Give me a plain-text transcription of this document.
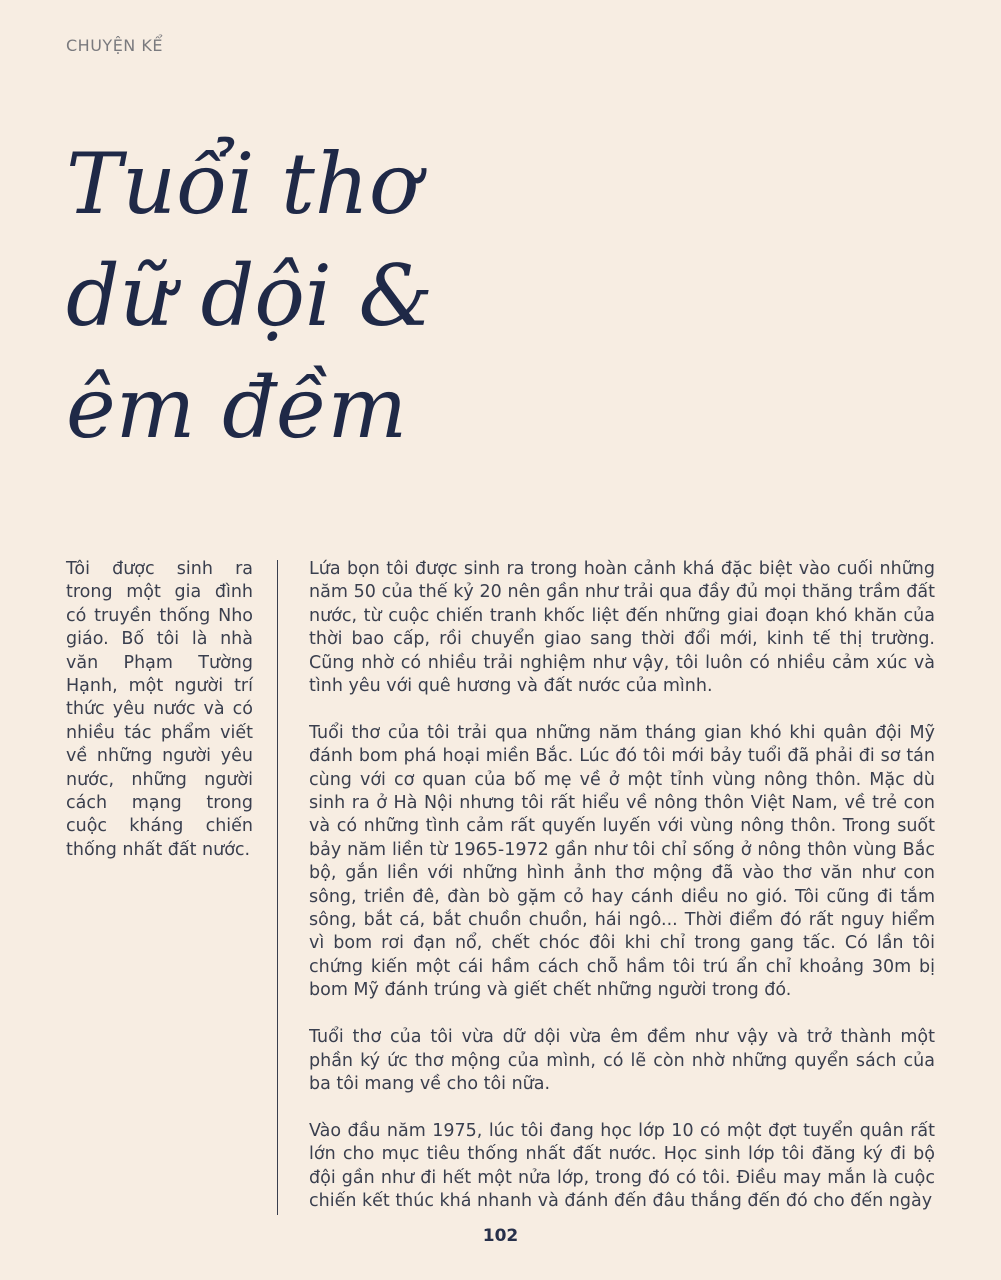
CHUYỆN KỂ
Tuổi thơ
dữ dội &
êm đềm
Tôi được sinh ra trong một gia đình có truyền thống Nho giáo. Bố tôi là nhà văn Phạm Tường Hạnh, một người trí thức yêu nước và có nhiều tác phẩm viết về những người yêu nước, những người cách mạng trong cuộc kháng chiến thống nhất đất nước.

Lứa bọn tôi được sinh ra trong hoàn cảnh khá đặc biệt vào cuối những năm 50 của thế kỷ 20 nên gần như trải qua đầy đủ mọi thăng trầm đất nước, từ cuộc chiến tranh khốc liệt đến những giai đoạn khó khăn của thời bao cấp, rồi chuyển giao sang thời đổi mới, kinh tế thị trường. Cũng nhờ có nhiều trải nghiệm như vậy, tôi luôn có nhiều cảm xúc và tình yêu với quê hương và đất nước của mình.

Tuổi thơ của tôi trải qua những năm tháng gian khó khi quân đội Mỹ đánh bom phá hoại miền Bắc. Lúc đó tôi mới bảy tuổi đã phải đi sơ tán cùng với cơ quan của bố mẹ về ở một tỉnh vùng nông thôn. Mặc dù sinh ra ở Hà Nội nhưng tôi rất hiểu về nông thôn Việt Nam, về trẻ con và có những tình cảm rất quyến luyến với vùng nông thôn. Trong suốt bảy năm liền từ 1965-1972 gần như tôi chỉ sống ở nông thôn vùng Bắc bộ, gắn liền với những hình ảnh thơ mộng đã vào thơ văn như con sông, triền đê, đàn bò gặm cỏ hay cánh diều no gió. Tôi cũng đi tắm sông, bắt cá, bắt chuồn chuồn, hái ngô... Thời điểm đó rất nguy hiểm vì bom rơi đạn nổ, chết chóc đôi khi chỉ trong gang tấc. Có lần tôi chứng kiến một cái hầm cách chỗ hầm tôi trú ẩn chỉ khoảng 30m bị bom Mỹ đánh trúng và giết chết những người trong đó.

Tuổi thơ của tôi vừa dữ dội vừa êm đềm như vậy và trở thành một phần ký ức thơ mộng của mình, có lẽ còn nhờ những quyển sách của ba tôi mang về cho tôi nữa.

Vào đầu năm 1975, lúc tôi đang học lớp 10 có một đợt tuyển quân rất lớn cho mục tiêu thống nhất đất nước. Học sinh lớp tôi đăng ký đi bộ đội gần như đi hết một nửa lớp, trong đó có tôi. Điều may mắn là cuộc chiến kết thúc khá nhanh và đánh đến đâu thắng đến đó cho đến ngày

102
